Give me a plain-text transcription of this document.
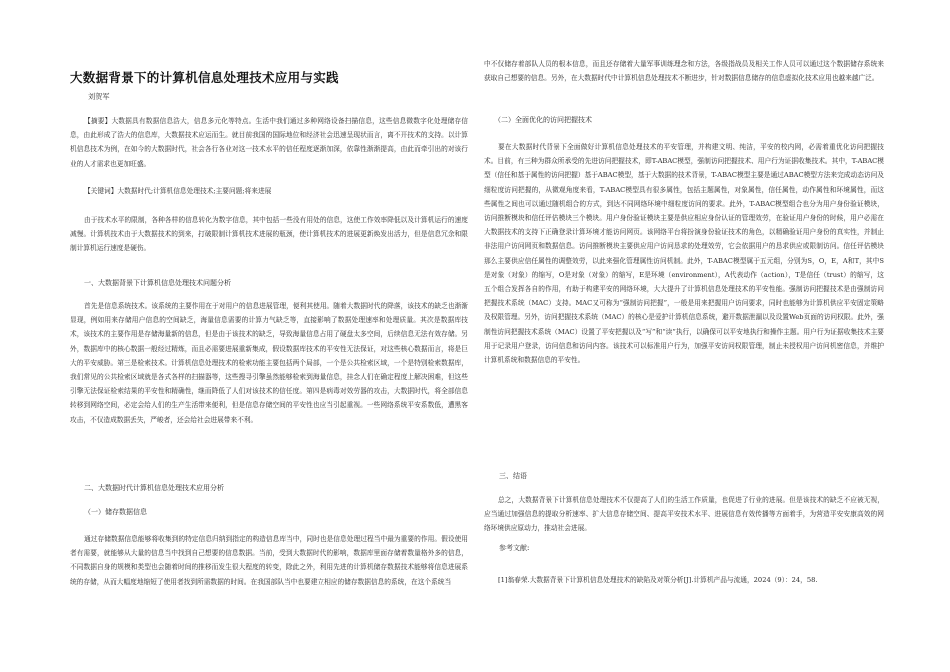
大数据背景下的计算机信息处理技术应用与实践
刘贺军

【摘要】大数据具有数据信息浩大，信息多元化等特点。生活中我们通过多种网络设备扫描信息，这些信息微数字化处理储存信息，由此形成了浩大的信息库，大数据技术应运而生。就目前我国的国际地位和经济社会迅速呈现状而言，离不开技术的支持。以计算机信息技术为例，在如今的大数据时代，社会各行各业对这一技术水平的信任程度逐渐加深，依靠性渐渐提高，由此而牵引出的对该行业的人才需求也更加旺盛。

【关键词】大数据时代;计算机信息处理技术;主要问题;将来进展

由于技术水平的限制，各种各样的信息转化为数字信息，其中包括一些没有用处的信息，这使工作效率降低以及计算机运行的速度减慢。计算机技术由于大数据技术的到来，打破限制计算机技术进展的瓶颈，使计算机技术的进展更新焕发出活力，但是信息冗余和限制计算机运行速度是硬伤。

一、大数据背景下计算机信息处理技术问题分析

首先是信息系统技术。该系统的主要作用在于对用户的信息进展管理，便利其使用。随着大数据时代的降落，该技术的缺乏也渐渐显现，例如用来存储用户信息的空间缺乏，海量信息需要的计算力气缺乏等，直接影响了数据处理速率和处理质量。其次是数据库技术，该技术的主要作用是存储海量新的信息，但是由于该技术的缺乏，导致海量信息占用了硬盘太多空间，后续信息无法有效存储。另外，数据库中的核心数据一般经过精炼，而且必需要进展重新集成，假设数据库技术的平安性无法保证，对这些核心数据而言，将是巨大的平安威胁。第三是检索技术。计算机信息处理技术的检索功能主要包括两个局部，一个是公共检索区域，一个是特别检索数据库，我们常见的公共检索区域就是各式各样的扫描器等，这些搜寻引擎虽然能够检索到海量信息，挂念人们在确定程度上解决困难，但这些引擎无法保证检索结果的平安性和精确性，继而降低了人们对该技术的信任度。第四是病毒对效劳器的攻击，大数据时代，将全部信息转移到网络空间，必定会给人们的生产生活带来便利，但是信息存储空间的平安性也应当引起重视。一些网络系统平安系数低，遭黑客攻击，不仅造成数据丢失，严峻者，还会给社会进展带来不利。

二、大数据时代计算机信息处理技术应用分析
（一）储存数据信息

通过存储数据信息能够将收集到的特定信息归纳到指定的构造信息库当中，同时也是信息处理过程当中最为重要的作用。假设使用者有需要，就能够从大量的信息当中找到自己想要的信息数据。当前，受到大数据时代的影响，数据库里面存储着数量格外多的信息，不同数据自身的规模和类型也会随着时间的推移而发生很大程度的转变，除此之外，利用先进的计算机储存数据技术能够将信息进展系统的存储，从而大幅度地缩短了使用者找到所需数据的时间。在我国部队当中也要建立相应的储存数据信息的系统，在这个系统当

中不仅储存着部队人员的根本信息，而且还存储着大量军事训练理念和方法，各级指战员及相关工作人员可以通过这个数据储存系统来获取自己想要的信息。另外，在大数据时代中计算机信息处理技术不断进步，针对数据信息储存的信息虚拟化技术应用也越来越广泛。

（二）全面优化的访问把握技术

要在大数据时代背景下全面做好计算机信息处理技术的平安管理，并构建文明、纯洁，平安的校内网，必需着重优化访问把握技术。目前，有三种为群众所承受的先进访问把握技术，即T-ABAC模型，强制访问把握技术、用户行为证据收集技术。其中，T-ABAC模型（信任和基于属性的访问把握）基于ABAC模型，基于大数据的技术背景，T-ABAC模型主要是通过ABAC模型方法来完成动态访问及细粒度访问把握的，从微观角度来看，T-ABAC模型具有很多属性，包括主题属性，对象属性，信任属性，动作属性和环境属性，而这些属性之间也可以通过随机组合的方式，到达不同网络环境中细粒度访问的要求。此外，T-ABAC模型组合也分为用户身份验证模块，访问推断模块和信任评估模块三个模块。用户身份验证模块主要是供应相应身份认证的管理效劳，在验证用户身份的时候，用户必需在大数据技术的支持下正确登录计算环境才能访问网页。该网络平台将扮演身份验证技术的角色，以精确验证用户身份的真实性，并制止非法用户访问网页和数据信息。访问推断模块主要供应用户访问恳求的处理效劳，它会依据用户的恳求供应或限制访问。信任评估模块那么主要供应信任属性的调整效劳，以此来强化管理属性访问机制。此外，T-ABAC模型属于五元组，分别为S，O，E，A和T，其中S是对象（对象）的缩写，O是对象（对象）的缩写，E是环境（environment），A代表动作（action），T是信任（trust）的缩写，这五个组合发挥各自的作用，有助于构建平安的网络环境，大大提升了计算机信息处理技术的平安性能。强制访问把握技术是由强制访问把握技术系统（MAC）支持。MAC又可称为“强制访问把握”，一般是用来把握用户访问要求，同时也能够为计算机供应平安固定策略及权限管理。另外，访问把握技术系统（MAC）的核心是爱护计算机信息系统，避开数据泄漏以及设置Web页面的访问权限。此外，强制性访问把握技术系统（MAC）设置了平安把握以及“写”和“读”执行，以确保可以平安地执行和操作主题。用户行为证据收集技术主要用于记录用户登录，访问信息和访问内容。该技术可以标准用户行为，加强平安访问权限管理，制止未授权用户访问机密信息，并维护计算机系统和数据信息的平安性。

三、结语

总之，大数据背景下计算机信息处理技术不仅提高了人们的生活工作质量，也促进了行业的进展。但是该技术的缺乏不应被无视，应当通过加强信息的提取分析速率、扩大信息存储空间、提高平安技术水平、进展信息有效传播等方面着手，为营造平安安康高效的网络环境供应原动力，推动社会进展。

参考文献:

[1]翁春荣.大数据背景下计算机信息处理技术的缺陷及对策分析[J].计算机产品与流通，2024（9）：24，58.
